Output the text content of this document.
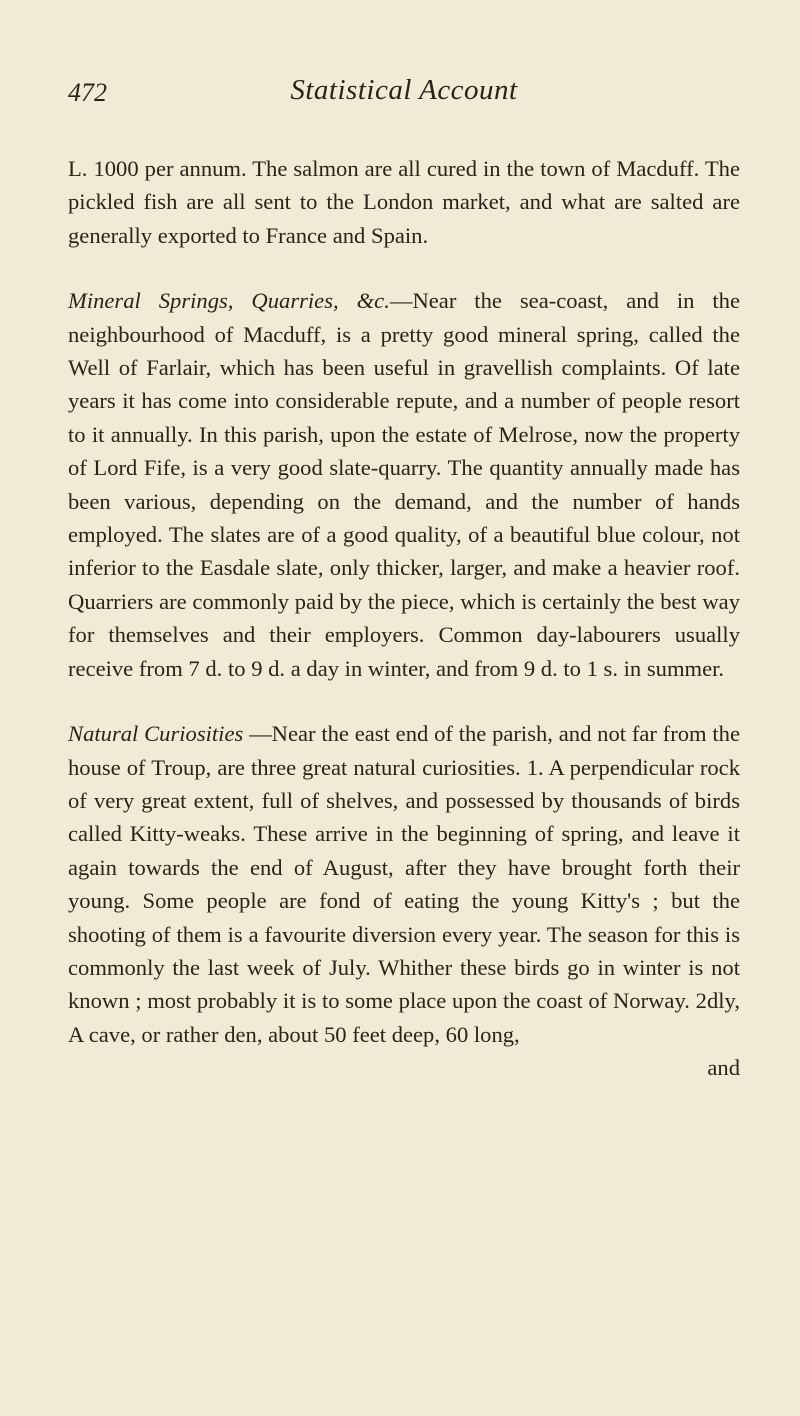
472	Statistical Account

L. 1000 per annum. The salmon are all cured in the town of Macduff. The pickled fish are all sent to the London market, and what are salted are generally exported to France and Spain.

Mineral Springs, Quarries, &c.—Near the sea-coast, and in the neighbourhood of Macduff, is a pretty good mineral spring, called the Well of Farlair, which has been useful in gravellish complaints. Of late years it has come into considerable repute, and a number of people resort to it annually. In this parish, upon the estate of Melrose, now the property of Lord Fife, is a very good slate-quarry. The quantity annually made has been various, depending on the demand, and the number of hands employed. The slates are of a good quality, of a beautiful blue colour, not inferior to the Easdale slate, only thicker, larger, and make a heavier roof. Quarriers are commonly paid by the piece, which is certainly the best way for themselves and their employers. Common day-labourers usually receive from 7 d. to 9 d. a day in winter, and from 9 d. to 1 s. in summer.

Natural Curiosities —Near the east end of the parish, and not far from the house of Troup, are three great natural curiosities. 1. A perpendicular rock of very great extent, full of shelves, and possessed by thousands of birds called Kitty-weaks. These arrive in the beginning of spring, and leave it again towards the end of August, after they have brought forth their young. Some people are fond of eating the young Kitty's ; but the shooting of them is a favourite diversion every year. The season for this is commonly the last week of July. Whither these birds go in winter is not known ; most probably it is to some place upon the coast of Norway. 2dly, A cave, or rather den, about 50 feet deep, 60 long,

and
